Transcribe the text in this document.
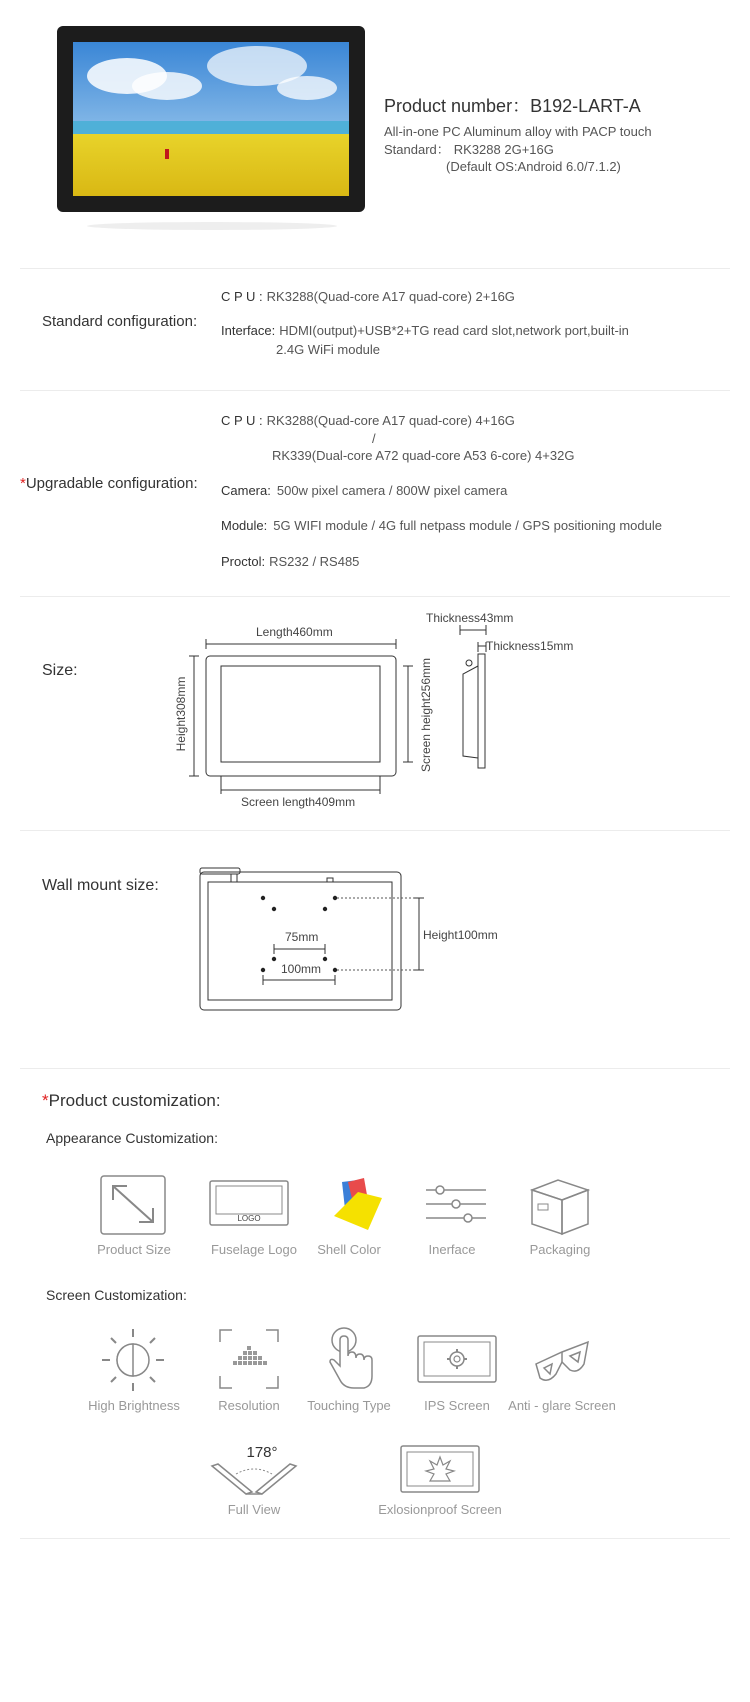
Product number：B192-LART-A
All-in-one PC Aluminum alloy with PACP touch
Standard： RK3288 2G+16G
(Default OS:Android 6.0/7.1.2)
Standard configuration:
C P U : RK3288(Quad-core A17 quad-core) 2+16G
Interface: HDMI(output)+USB*2+TG read card slot,network port,built-in
2.4G WiFi module
*Upgradable configuration:
C P U : RK3288(Quad-core A17 quad-core) 4+16G
/
RK339(Dual-core A72 quad-core A53 6-core) 4+32G
Camera: 500w pixel camera / 800W pixel camera
Module: 5G WIFI module / 4G full netpass module / GPS positioning module
Proctol: RS232 / RS485
Size:
Length460mm
Thickness43mm
Thickness15mm
Screen length409mm
Height308mm	Screen height256mm
Wall mount size:
75mm
100mm
Height100mm
*Product customization:
Appearance Customization:
Product Size
LOGO
Fuselage Logo	Shell Color	Inerface	Packaging
Screen Customization:
High Brightness	Resolution	Touching Type	IPS Screen	Anti - glare Screen
178°
Full View	Exlosionproof Screen
